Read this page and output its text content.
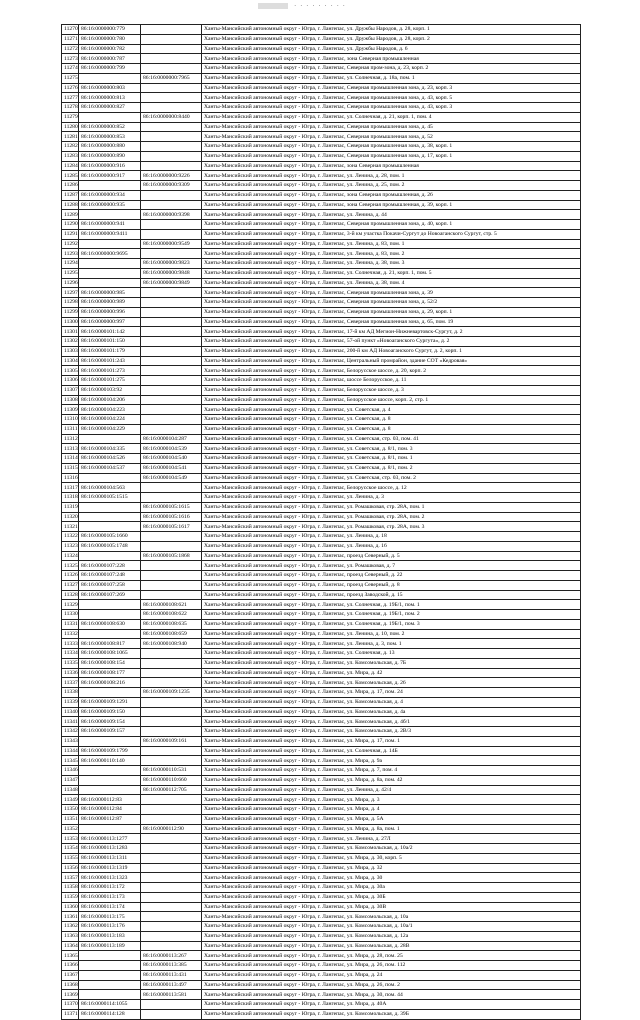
· · · · · · · · ·
11270	86:16:0000000:779		Ханты-Мансийский автономный округ - Югра, г. Лангепас, ул. Дружбы Народов, д. 28, корп. 1
11271	86:16:0000000:780		Ханты-Мансийский автономный округ - Югра, г. Лангепас, ул. Дружбы Народов, д. 28, корп. 2
11272	86:16:0000000:782		Ханты-Мансийский автономный округ - Югра, г. Лангепас, ул. Дружбы Народов, д. 6
11273	86:16:0000000:787		Ханты-Мансийский автономный округ - Югра, г. Лангепас, зона Северная промышленная
11274	86:16:0000000:799		Ханты-Мансийский автономный округ - Югра, г. Лангепас, Северная пром-зона, д. 23, корп. 2
11275		86:16:0000000:7965	Ханты-Мансийский автономный округ - Югра, г. Лангепас, ул. Солнечная, д. 18а, пом. 1
11276	86:16:0000000:803		Ханты-Мансийский автономный округ - Югра, г. Лангепас, Северная промышленная зона, д. 23, корп. 3
11277	86:16:0000000:813		Ханты-Мансийский автономный округ - Югра, г. Лангепас, Северная промышленная зона, д. 43, корп. 5
11278	86:16:0000000:827		Ханты-Мансийский автономный округ - Югра, г. Лангепас, Северная промышленная зона, д. 43, корп. 3
11279		86:16:0000000:8440	Ханты-Мансийский автономный округ - Югра, г. Лангепас, ул. Солнечная, д. 21, корп. 1, пом. 4
11280	86:16:0000000:852		Ханты-Мансийский автономный округ - Югра, г. Лангепас, Северная промышленная зона, д. 45
11281	86:16:0000000:853		Ханты-Мансийский автономный округ - Югра, г. Лангепас, Северная промышленная зона, д. 52
11282	86:16:0000000:880		Ханты-Мансийский автономный округ - Югра, г. Лангепас, Северная промышленная зона, д. 38, корп. 1
11283	86:16:0000000:890		Ханты-Мансийский автономный округ - Югра, г. Лангепас, Северная промышленная зона, д. 17, корп. 1
11284	86:16:0000000:916		Ханты-Мансийский автономный округ - Югра, г. Лангепас, зона Северная промышленная
11285	86:16:0000000:917	86:16:0000000:9226	Ханты-Мансийский автономный округ - Югра, г. Лангепас, ул. Ленина, д. 28, пом. 1
11286		86:16:0000000:9309	Ханты-Мансийский автономный округ - Югра, г. Лангепас, ул. Ленина, д. 25, пом. 2
11287	86:16:0000000:934		Ханты-Мансийский автономный округ - Югра, г. Лангепас, зона Северная промышленная, д. 26
11288	86:16:0000000:935		Ханты-Мансийский автономный округ - Югра, г. Лангепас, зона Северная промышленная, д. 39, корп. 1
11289		86:16:0000000:9398	Ханты-Мансийский автономный округ - Югра, г. Лангепас, ул. Ленина, д. 44
11290	86:16:0000000:941		Ханты-Мансийский автономный округ - Югра, г. Лангепас, Северная промышленная зона, д. 40, корп. 1
11291	86:16:0000000:9411		Ханты-Мансийский автономный округ - Югра, г. Лангепас, 3-й км участка Покачи-Сургут до Новоаганского Сургут, стр. 5
11292		86:16:0000000:9549	Ханты-Мансийский автономный округ - Югра, г. Лангепас, ул. Ленина, д. 83, пом. 1
11293	86:16:0000000:9695		Ханты-Мансийский автономный округ - Югра, г. Лангепас, ул. Ленина, д. 83, пом. 2
11294		86:16:0000000:9823	Ханты-Мансийский автономный округ - Югра, г. Лангепас, ул. Ленина, д. 38, пом. 3
11295		86:16:0000000:9848	Ханты-Мансийский автономный округ - Югра, г. Лангепас, ул. Солнечная, д. 21, корп. 1, пом. 5
11296		86:16:0000000:9849	Ханты-Мансийский автономный округ - Югра, г. Лангепас, ул. Ленина, д. 38, пом. 4
11297	86:16:0000000:985		Ханты-Мансийский автономный округ - Югра, г. Лангепас, Северная промышленная зона, д. 39
11298	86:16:0000000:989		Ханты-Мансийский автономный округ - Югра, г. Лангепас, Северная промышленная зона, д. 52/2
11299	86:16:0000000:996		Ханты-Мансийский автономный округ - Югра, г. Лангепас, Северная промышленная зона, д. 29, корп. 1
11300	86:16:0000000:997		Ханты-Мансийский автономный округ - Югра, г. Лангепас, Северная промышленная зона, д. 65, пом. 19
11301	86:16:0000101:142		Ханты-Мансийский автономный округ - Югра, г. Лангепас, 17-й км АД Мегион-Нижневартовск-Сургут, д. 2
11302	86:16:0000101:150		Ханты-Мансийский автономный округ - Югра, г. Лангепас, 57-ой пункт «Новоаганского Сургута», д. 2
11303	86:16:0000101:179		Ханты-Мансийский автономный округ - Югра, г. Лангепас, 200-й км АД Новоаганского Сургут, д. 2, корп. 1
11304	86:16:0000101:243		Ханты-Мансийский автономный округ - Югра, г. Лангепас, Центральный промрайон, здание СОТ «Кедровая»
11305	86:16:0000101:273		Ханты-Мансийский автономный округ - Югра, г. Лангепас, Белорусское шоссе, д. 20, корп. 2
11306	86:16:0000101:275		Ханты-Мансийский автономный округ - Югра, г. Лангепас, шоссе Белорусское, д. 11
11307	86:16:0000103:92		Ханты-Мансийский автономный округ - Югра, г. Лангепас, Белорусское шоссе, д. 3
11308	86:16:0000104:206		Ханты-Мансийский автономный округ - Югра, г. Лангепас, Белорусское шоссе, корп. 2, стр. 1
11309	86:16:0000104:223		Ханты-Мансийский автономный округ - Югра, г. Лангепас, ул. Советская, д. 4
11310	86:16:0000104:224		Ханты-Мансийский автономный округ - Югра, г. Лангепас, ул. Советская, д. 8
11311	86:16:0000104:229		Ханты-Мансийский автономный округ - Югра, г. Лангепас, ул. Советская, д. 8
11312		86:16:0000104:287	Ханты-Мансийский автономный округ - Югра, г. Лангепас, ул. Советская, стр. 03, пом. 41
11313	86:16:0000104:335	86:16:0000104:539	Ханты-Мансийский автономный округ - Югра, г. Лангепас, ул. Советская, д. 8/1, пом. 3
11314	86:16:0000104:526	86:16:0000104:540	Ханты-Мансийский автономный округ - Югра, г. Лангепас, ул. Советская, д. 8/1, пом. 1
11315	86:16:0000104:537	86:16:0000104:541	Ханты-Мансийский автономный округ - Югра, г. Лангепас, ул. Советская, д. 8/1, пом. 2
11316		86:16:0000104:549	Ханты-Мансийский автономный округ - Югра, г. Лангепас, ул. Советская, стр. 03, пом. 2
11317	86:16:0000104:563		Ханты-Мансийский автономный округ - Югра, г. Лангепас, Белорусское шоссе, д. 12
11318	86:16:0000105:1515		Ханты-Мансийский автономный округ - Югра, г. Лангепас, ул. Ленина, д. 3
11319		86:16:0000105:1615	Ханты-Мансийский автономный округ - Югра, г. Лангепас, ул. Ромашковая, стр. 28А, пом. 1
11320		86:16:0000105:1616	Ханты-Мансийский автономный округ - Югра, г. Лангепас, ул. Ромашковая, стр. 28А, пом. 2
11321		86:16:0000105:1617	Ханты-Мансийский автономный округ - Югра, г. Лангепас, ул. Ромашковая, стр. 28А, пом. 3
11322	86:16:0000105:1660		Ханты-Мансийский автономный округ - Югра, г. Лангепас, ул. Ленина, д. 18
11323	86:16:0000105:1748		Ханты-Мансийский автономный округ - Югра, г. Лангепас, ул. Ленина, д. 16
11324		86:16:0000105:1868	Ханты-Мансийский автономный округ - Югра, г. Лангепас, проезд Северный, д. 5
11325	86:16:0000107:228		Ханты-Мансийский автономный округ - Югра, г. Лангепас, ул. Ромашковая, д. 7
11326	86:16:0000107:248		Ханты-Мансийский автономный округ - Югра, г. Лангепас, проезд Северный, д. 22
11327	86:16:0000107:258		Ханты-Мансийский автономный округ - Югра, г. Лангепас, проезд Северный, д. 8
11328	86:16:0000107:269		Ханты-Мансийский автономный округ - Югра, г. Лангепас, проезд Заводской, д. 15
11329		86:16:0000108:621	Ханты-Мансийский автономный округ - Югра, г. Лангепас, ул. Солнечная, д. 19Б/1, пом. 1
11330		86:16:0000108:622	Ханты-Мансийский автономный округ - Югра, г. Лангепас, ул. Солнечная, д. 19Б/1, пом. 2
11331	86:16:0000108:630	86:16:0000108:635	Ханты-Мансийский автономный округ - Югра, г. Лангепас, ул. Солнечная, д. 19Б/1, пом. 3
11332		86:16:0000108:659	Ханты-Мансийский автономный округ - Югра, г. Лангепас, ул. Ленина, д. 10, пом. 2
11333	86:16:0000108:817	86:16:0000108:940	Ханты-Мансийский автономный округ - Югра, г. Лангепас, ул. Ленина, д. 3, пом. 1
11334	86:16:0000108:1065		Ханты-Мансийский автономный округ - Югра, г. Лангепас, ул. Солнечная, д. 13
11335	86:16:0000108:154		Ханты-Мансийский автономный округ - Югра, г. Лангепас, ул. Комсомольская, д. 7Б
11336	86:16:0000108:177		Ханты-Мансийский автономный округ - Югра, г. Лангепас, ул. Мира, д. 42
11337	86:16:0000108:216		Ханты-Мансийский автономный округ - Югра, г. Лангепас, ул. Комсомольская, д. 26
11338		86:16:0000109:1235	Ханты-Мансийский автономный округ - Югра, г. Лангепас, ул. Мира, д. 17, пом. 24
11339	86:16:0000109:1291		Ханты-Мансийский автономный округ - Югра, г. Лангепас, ул. Комсомольская, д. 4
11340	86:16:0000109:150		Ханты-Мансийский автономный округ - Югра, г. Лангепас, ул. Комсомольская, д. 4а
11341	86:16:0000109:154		Ханты-Мансийский автономный округ - Югра, г. Лангепас, ул. Комсомольская, д. 4б/1
11342	86:16:0000109:157		Ханты-Мансийский автономный округ - Югра, г. Лангепас, ул. Комсомольская, д. 2В/3
11343		86:16:0000109:161	Ханты-Мансийский автономный округ - Югра, г. Лангепас, ул. Мира, д. 17, пом. 1
11344	86:16:0000109:1799		Ханты-Мансийский автономный округ - Югра, г. Лангепас, ул. Солнечная, д. 14Б
11345	86:16:0000110:140		Ханты-Мансийский автономный округ - Югра, г. Лангепас, ул. Мира, д. 9а
11346		86:16:0000110:531	Ханты-Мансийский автономный округ - Югра, г. Лангепас, ул. Мира, д. 7, пом. 4
11347		86:16:0000110:660	Ханты-Мансийский автономный округ - Югра, г. Лангепас, ул. Мира, д. 8а, пом. 42
11348		86:16:0000112:705	Ханты-Мансийский автономный округ - Югра, г. Лангепас, ул. Ленина, д. 42/4
11349	86:16:0000112:83		Ханты-Мансийский автономный округ - Югра, г. Лангепас, ул. Мира, д. 3
11350	86:16:0000112:84		Ханты-Мансийский автономный округ - Югра, г. Лангепас, ул. Мира, д. 4
11351	86:16:0000112:87		Ханты-Мансийский автономный округ - Югра, г. Лангепас, ул. Мира, д. 5А
11352		86:16:0000112:90	Ханты-Мансийский автономный округ - Югра, г. Лангепас, ул. Мира, д. 8а, пом. 1
11353	86:16:0000113:1277		Ханты-Мансийский автономный округ - Югра, г. Лангепас, ул. Ленина, д. 27Л
11354	86:16:0000113:1283		Ханты-Мансийский автономный округ - Югра, г. Лангепас, ул. Комсомольская, д. 10а/2
11355	86:16:0000113:1311		Ханты-Мансийский автономный округ - Югра, г. Лангепас, ул. Мира, д. 30, корп. 5
11356	86:16:0000113:1319		Ханты-Мансийский автономный округ - Югра, г. Лангепас, ул. Мира, д. 32
11357	86:16:0000113:1323		Ханты-Мансийский автономный округ - Югра, г. Лангепас, ул. Мира, д. 30
11358	86:16:0000113:172		Ханты-Мансийский автономный округ - Югра, г. Лангепас, ул. Мира, д. 30а
11359	86:16:0000113:173		Ханты-Мансийский автономный округ - Югра, г. Лангепас, ул. Мира, д. 30Б
11360	86:16:0000113:174		Ханты-Мансийский автономный округ - Югра, г. Лангепас, ул. Мира, д. 30В
11361	86:16:0000113:175		Ханты-Мансийский автономный округ - Югра, г. Лангепас, ул. Комсомольская, д. 10а
11362	86:16:0000113:176		Ханты-Мансийский автономный округ - Югра, г. Лангепас, ул. Комсомольская, д. 10а/1
11363	86:16:0000113:183		Ханты-Мансийский автономный округ - Югра, г. Лангепас, ул. Комсомольская, д. 12а
11364	86:16:0000113:189		Ханты-Мансийский автономный округ - Югра, г. Лангепас, ул. Комсомольская, д. 28В
11365		86:16:0000113:267	Ханты-Мансийский автономный округ - Югра, г. Лангепас, ул. Мира, д. 28, пом. 25
11366		86:16:0000113:385	Ханты-Мансийский автономный округ - Югра, г. Лангепас, ул. Мира, д. 26, пом. 112
11367		86:16:0000113:431	Ханты-Мансийский автономный округ - Югра, г. Лангепас, ул. Мира, д. 24
11368		86:16:0000113:497	Ханты-Мансийский автономный округ - Югра, г. Лангепас, ул. Мира, д. 26, пом. 2
11369		86:16:0000113:581	Ханты-Мансийский автономный округ - Югра, г. Лангепас, ул. Мира, д. 30, пом. 44
11370	86:16:0000114:1055		Ханты-Мансийский автономный округ - Югра, г. Лангепас, ул. Мира, д. 40А
11371	86:16:0000114:128		Ханты-Мансийский автономный округ - Югра, г. Лангепас, ул. Комсомольская, д. 39Б
